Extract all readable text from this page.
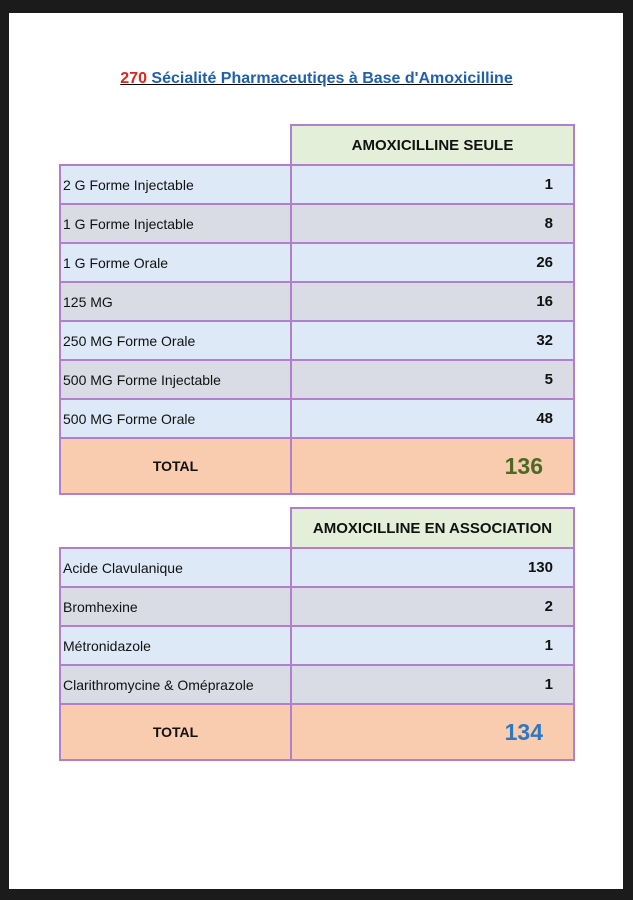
270 Sécialité Pharmaceutiqes à Base d'Amoxicilline
	AMOXICILLINE SEULE
2 G Forme Injectable	1
1 G Forme Injectable	8
1 G Forme Orale	26
125 MG	16
250 MG Forme Orale	32
500 MG Forme Injectable	5
500 MG Forme Orale	48
TOTAL	136
	AMOXICILLINE EN ASSOCIATION
Acide Clavulanique	130
Bromhexine	2
Métronidazole	1
Clarithromycine & Oméprazole	1
TOTAL	134
